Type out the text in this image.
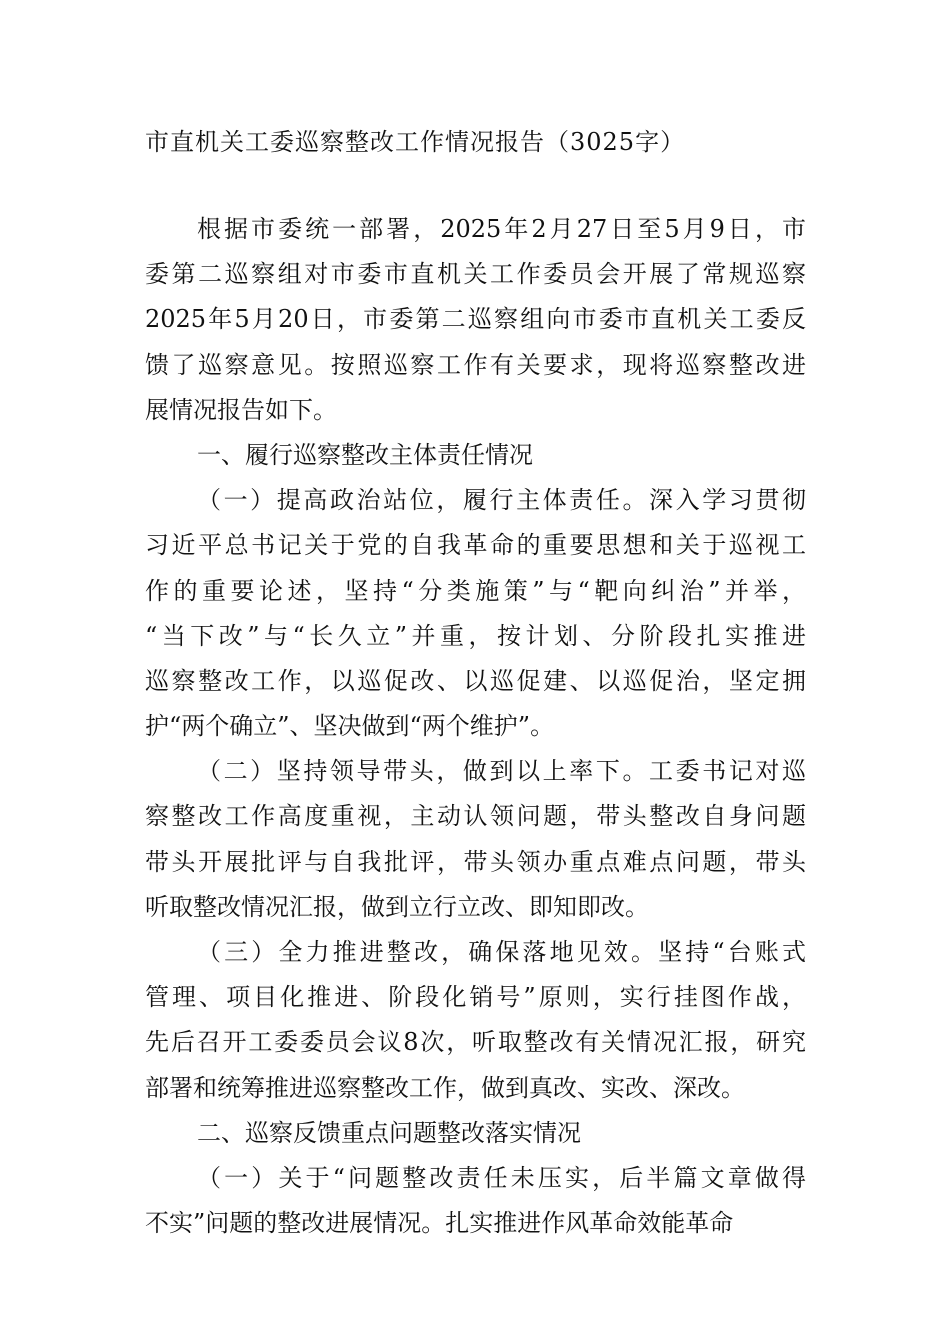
市直机关工委巡察整改工作情况报告（3025字）
根据市委统一部署，2025年2月27日至5月9日，市
委第二巡察组对市委市直机关工作委员会开展了常规巡察
2025年5月20日，市委第二巡察组向市委市直机关工委反
馈了巡察意见。按照巡察工作有关要求，现将巡察整改进
展情况报告如下。
一、履行巡察整改主体责任情况
（一）提高政治站位，履行主体责任。深入学习贯彻
习近平总书记关于党的自我革命的重要思想和关于巡视工
作的重要论述，坚持“分类施策”与“靶向纠治”并举，
“当下改”与“长久立”并重，按计划、分阶段扎实推进
巡察整改工作，以巡促改、以巡促建、以巡促治，坚定拥
护“两个确立”、坚决做到“两个维护”。
（二）坚持领导带头，做到以上率下。工委书记对巡
察整改工作高度重视，主动认领问题，带头整改自身问题
带头开展批评与自我批评，带头领办重点难点问题，带头
听取整改情况汇报，做到立行立改、即知即改。
（三）全力推进整改，确保落地见效。坚持“台账式
管理、项目化推进、阶段化销号”原则，实行挂图作战，
先后召开工委委员会议8次，听取整改有关情况汇报，研究
部署和统筹推进巡察整改工作，做到真改、实改、深改。
二、巡察反馈重点问题整改落实情况
（一）关于“问题整改责任未压实，后半篇文章做得
不实”问题的整改进展情况。扎实推进作风革命效能革命
